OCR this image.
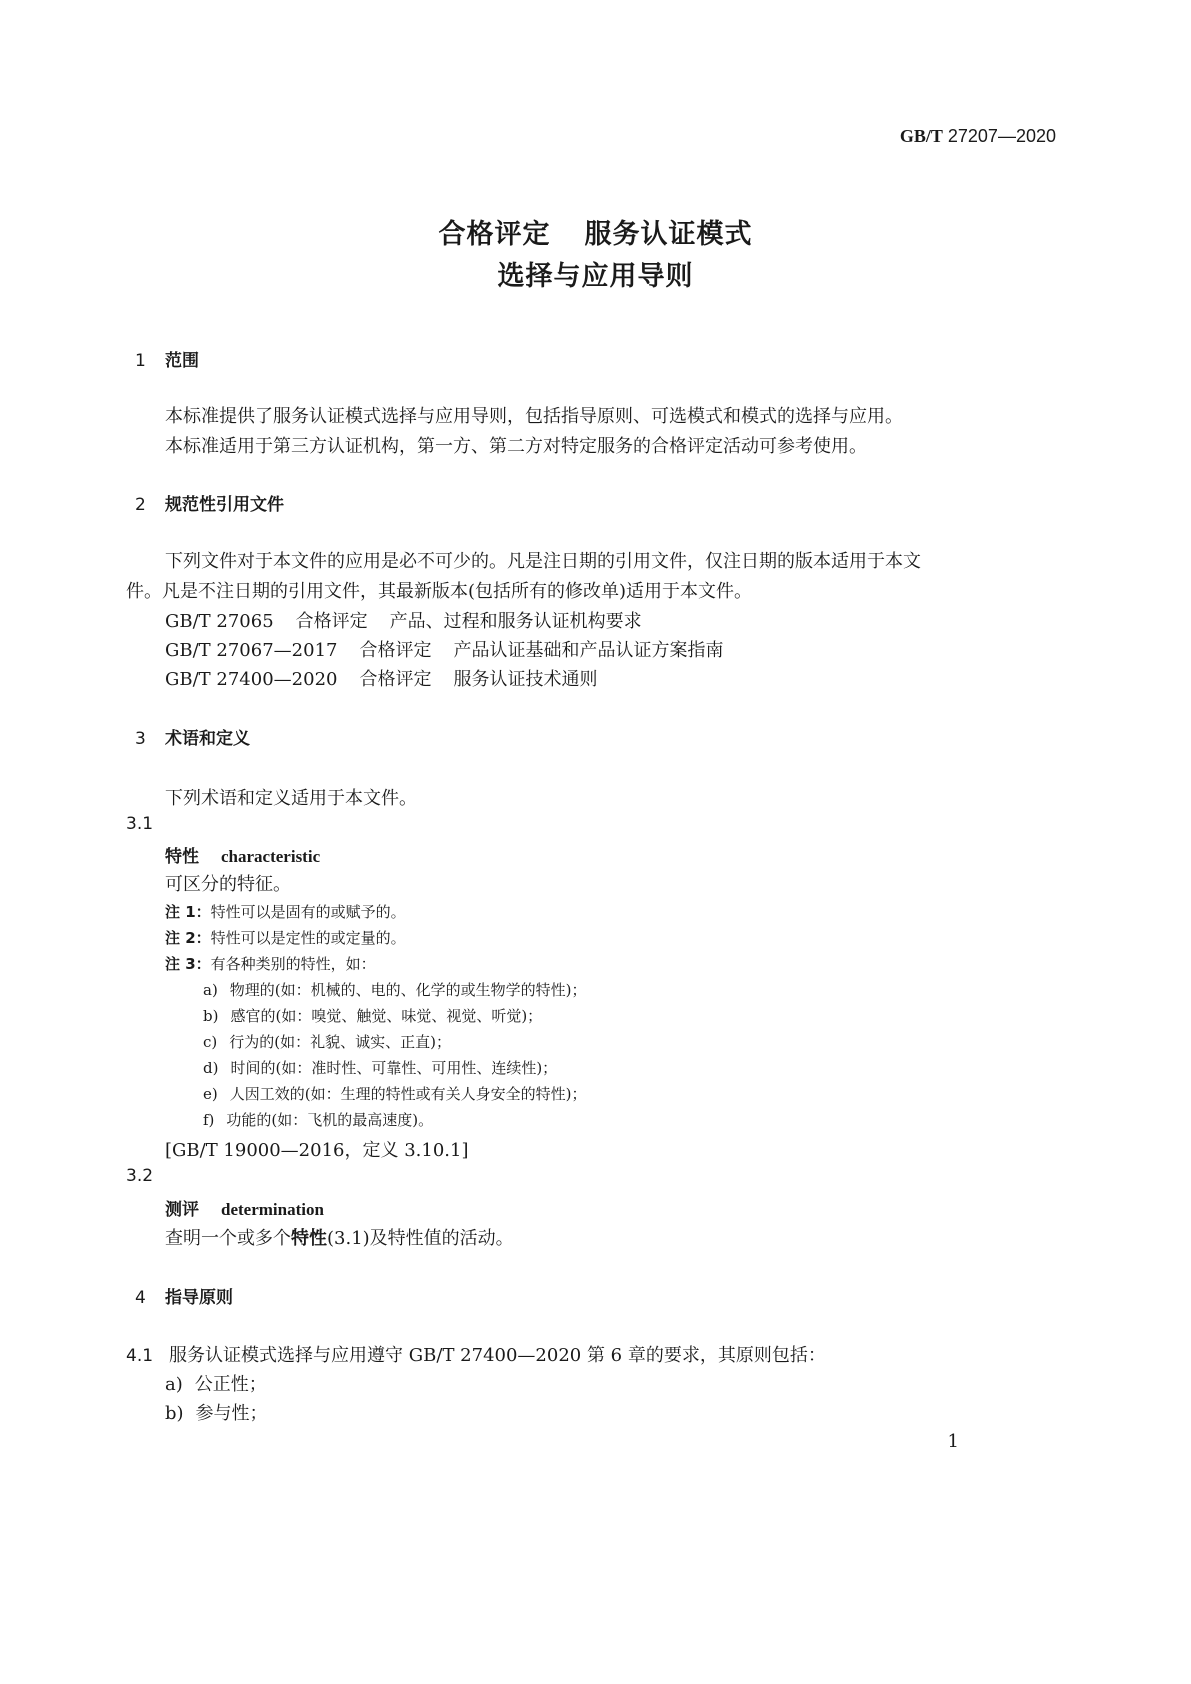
GB/T 27207—2020
合格评定 服务认证模式
选择与应用导则
1 范围
本标准提供了服务认证模式选择与应用导则，包括指导原则、可选模式和模式的选择与应用。
本标准适用于第三方认证机构，第一方、第二方对特定服务的合格评定活动可参考使用。
2 规范性引用文件
下列文件对于本文件的应用是必不可少的。凡是注日期的引用文件，仅注日期的版本适用于本文
件。凡是不注日期的引用文件，其最新版本(包括所有的修改单)适用于本文件。
GB/T 27065 合格评定 产品、过程和服务认证机构要求
GB/T 27067—2017 合格评定 产品认证基础和产品认证方案指南
GB/T 27400—2020 合格评定 服务认证技术通则
3 术语和定义
下列术语和定义适用于本文件。
3.1
特性 characteristic
可区分的特征。
注 1：特性可以是固有的或赋予的。
注 2：特性可以是定性的或定量的。
注 3：有各种类别的特性，如：
a) 物理的(如：机械的、电的、化学的或生物学的特性)；
b) 感官的(如：嗅觉、触觉、味觉、视觉、听觉)；
c) 行为的(如：礼貌、诚实、正直)；
d) 时间的(如：准时性、可靠性、可用性、连续性)；
e) 人因工效的(如：生理的特性或有关人身安全的特性)；
f) 功能的(如：飞机的最高速度)。
[GB/T 19000—2016，定义 3.10.1]
3.2
测评 determination
查明一个或多个特性(3.1)及特性值的活动。
4 指导原则
4.1 服务认证模式选择与应用遵守 GB/T 27400—2020 第 6 章的要求，其原则包括：
a) 公正性；
b) 参与性；
1
